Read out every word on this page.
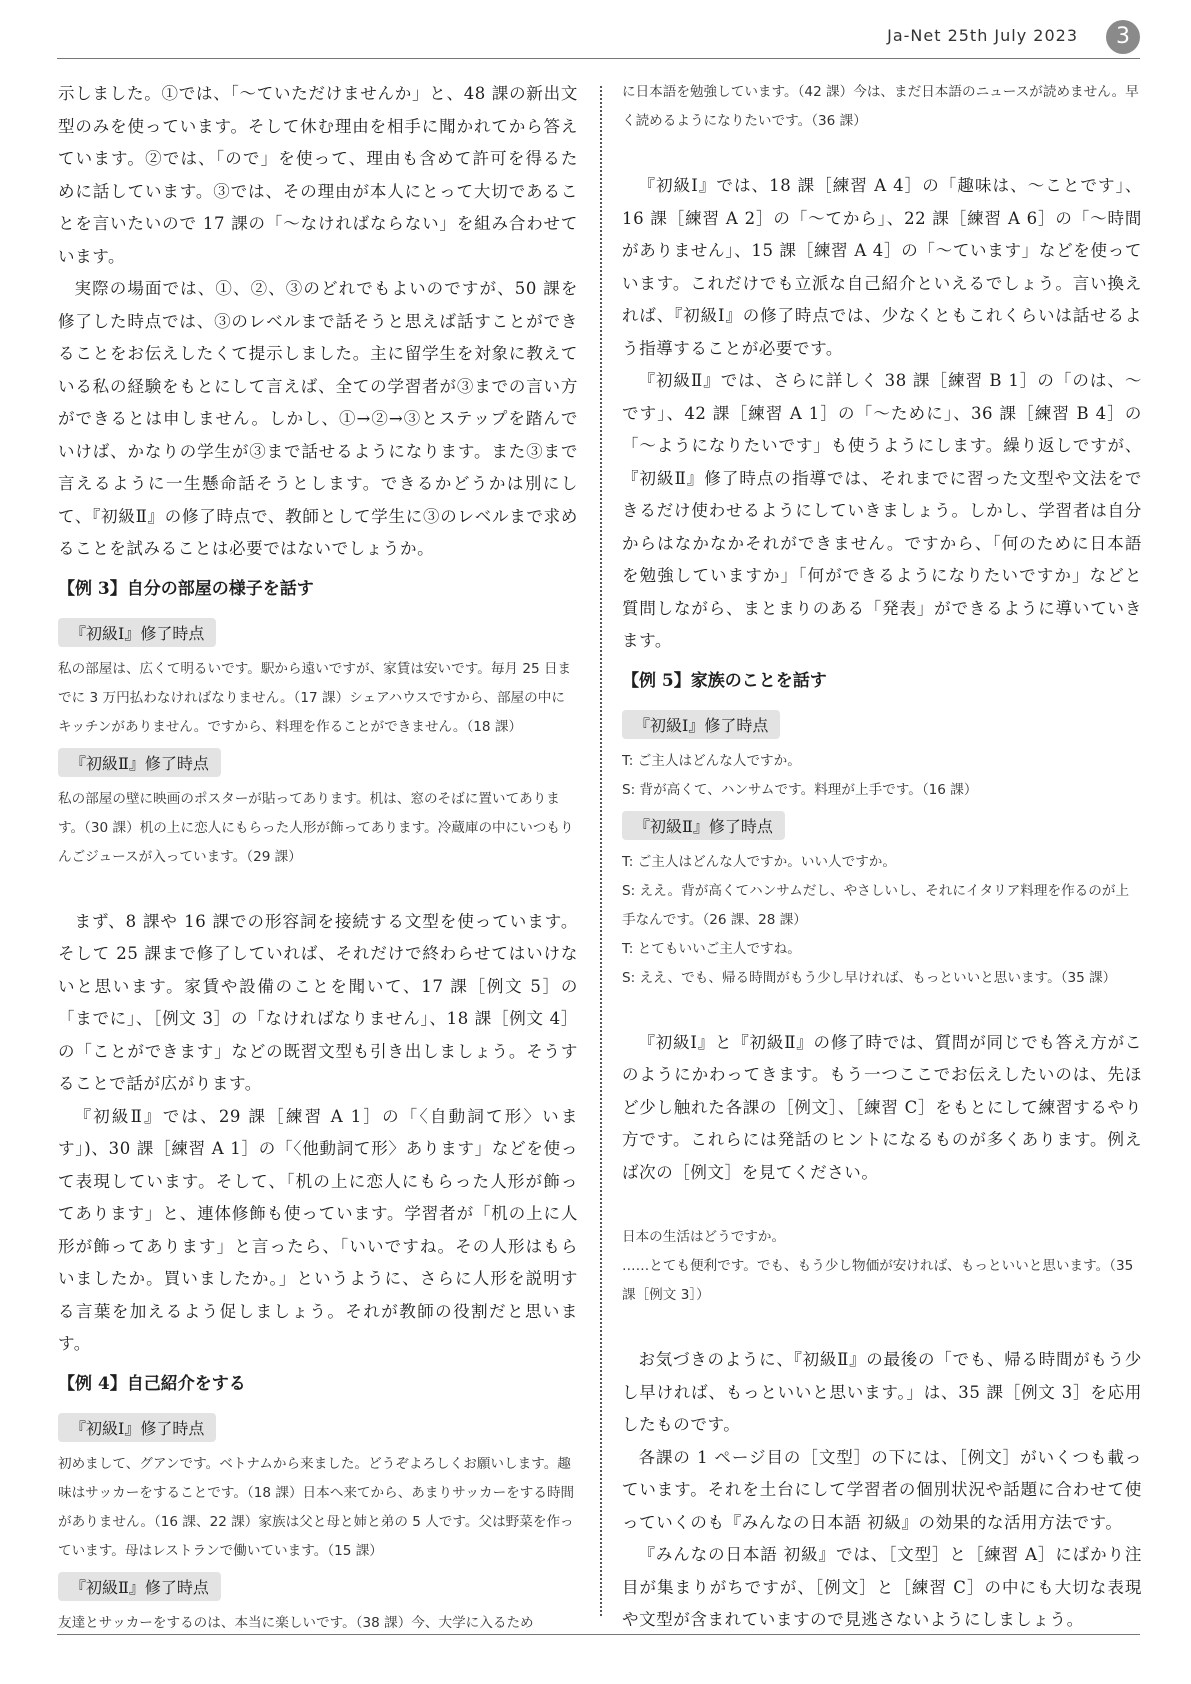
Ja-Net 25th July 2023	3

示しました。①では、「〜ていただけませんか」と、48 課の新出文型のみを使っています。そして休む理由を相手に聞かれてから答えています。②では、「ので」を使って、理由も含めて許可を得るために話しています。③では、その理由が本人にとって大切であることを言いたいので 17 課の「〜なければならない」を組み合わせています。

実際の場面では、①、②、③のどれでもよいのですが、50 課を修了した時点では、③のレベルまで話そうと思えば話すことができることをお伝えしたくて提示しました。主に留学生を対象に教えている私の経験をもとにして言えば、全ての学習者が③までの言い方ができるとは申しません。しかし、①→②→③とステップを踏んでいけば、かなりの学生が③まで話せるようになります。また③まで言えるように一生懸命話そうとします。できるかどうかは別にして、『初級Ⅱ』の修了時点で、教師として学生に③のレベルまで求めることを試みることは必要ではないでしょうか。

【例 3】自分の部屋の様子を話す
『初級Ⅰ』修了時点

私の部屋は、広くて明るいです。駅から遠いですが、家賃は安いです。毎月 25 日までに 3 万円払わなければなりません。（17 課）シェアハウスですから、部屋の中にキッチンがありません。ですから、料理を作ることができません。（18 課）

『初級Ⅱ』修了時点

私の部屋の壁に映画のポスターが貼ってあります。机は、窓のそばに置いてあります。（30 課）机の上に恋人にもらった人形が飾ってあります。冷蔵庫の中にいつもりんごジュースが入っています。（29 課）

まず、8 課や 16 課での形容詞を接続する文型を使っています。そして 25 課まで修了していれば、それだけで終わらせてはいけないと思います。家賃や設備のことを聞いて、17 課［例文 5］の「までに」、［例文 3］の「なければなりません」、18 課［例文 4］の「ことができます」などの既習文型も引き出しましょう。そうすることで話が広がります。

『初級Ⅱ』では、29 課［練習 A 1］の「〈自動詞て形〉います」)、30 課［練習 A 1］の「〈他動詞て形〉あります」などを使って表現しています。そして、「机の上に恋人にもらった人形が飾ってあります」と、連体修飾も使っています。学習者が「机の上に人形が飾ってあります」と言ったら、「いいですね。その人形はもらいましたか。買いましたか。」というように、さらに人形を説明する言葉を加えるよう促しましょう。それが教師の役割だと思います。

【例 4】自己紹介をする
『初級Ⅰ』修了時点

初めまして、グアンです。ベトナムから来ました。どうぞよろしくお願いします。趣味はサッカーをすることです。（18 課）日本へ来てから、あまりサッカーをする時間がありません。（16 課、22 課）家族は父と母と姉と弟の 5 人です。父は野菜を作っています。母はレストランで働いています。（15 課）

『初級Ⅱ』修了時点

友達とサッカーをするのは、本当に楽しいです。（38 課）今、大学に入るため

に日本語を勉強しています。（42 課）今は、まだ日本語のニュースが読めません。早く読めるようになりたいです。（36 課）

『初級Ⅰ』では、18 課［練習 A 4］の「趣味は、〜ことです」、16 課［練習 A 2］の「〜てから」、22 課［練習 A 6］の「〜時間がありません」、15 課［練習 A 4］の「〜ています」などを使っています。これだけでも立派な自己紹介といえるでしょう。言い換えれば、『初級Ⅰ』の修了時点では、少なくともこれくらいは話せるよう指導することが必要です。

『初級Ⅱ』では、さらに詳しく 38 課［練習 B 1］の「のは、〜です」、42 課［練習 A 1］の「〜ために」、36 課［練習 B 4］の「〜ようになりたいです」も使うようにします。繰り返しですが、『初級Ⅱ』修了時点の指導では、それまでに習った文型や文法をできるだけ使わせるようにしていきましょう。しかし、学習者は自分からはなかなかそれができません。ですから、「何のために日本語を勉強していますか」「何ができるようになりたいですか」などと質問しながら、まとまりのある「発表」ができるように導いていきます。

【例 5】家族のことを話す
『初級Ⅰ』修了時点

T: ご主人はどんな人ですか。

S: 背が高くて、ハンサムです。料理が上手です。（16 課）

『初級Ⅱ』修了時点

T: ご主人はどんな人ですか。いい人ですか。

S: ええ。背が高くてハンサムだし、やさしいし、それにイタリア料理を作るのが上手なんです。（26 課、28 課）

T: とてもいいご主人ですね。

S: ええ、でも、帰る時間がもう少し早ければ、もっといいと思います。（35 課）

『初級Ⅰ』と『初級Ⅱ』の修了時では、質問が同じでも答え方がこのようにかわってきます。もう一つここでお伝えしたいのは、先ほど少し触れた各課の［例文］、［練習 C］をもとにして練習するやり方です。これらには発話のヒントになるものが多くあります。例えば次の［例文］を見てください。

日本の生活はどうですか。

……とても便利です。でも、もう少し物価が安ければ、もっといいと思います。（35 課［例文 3］）

お気づきのように、『初級Ⅱ』の最後の「でも、帰る時間がもう少し早ければ、もっといいと思います。」は、35 課［例文 3］を応用したものです。

各課の 1 ページ目の［文型］の下には、［例文］がいくつも載っています。それを土台にして学習者の個別状況や話題に合わせて使っていくのも『みんなの日本語 初級』の効果的な活用方法です。

『みんなの日本語 初級』では、［文型］と［練習 A］にばかり注目が集まりがちですが、［例文］と［練習 C］の中にも大切な表現や文型が含まれていますので見逃さないようにしましょう。
